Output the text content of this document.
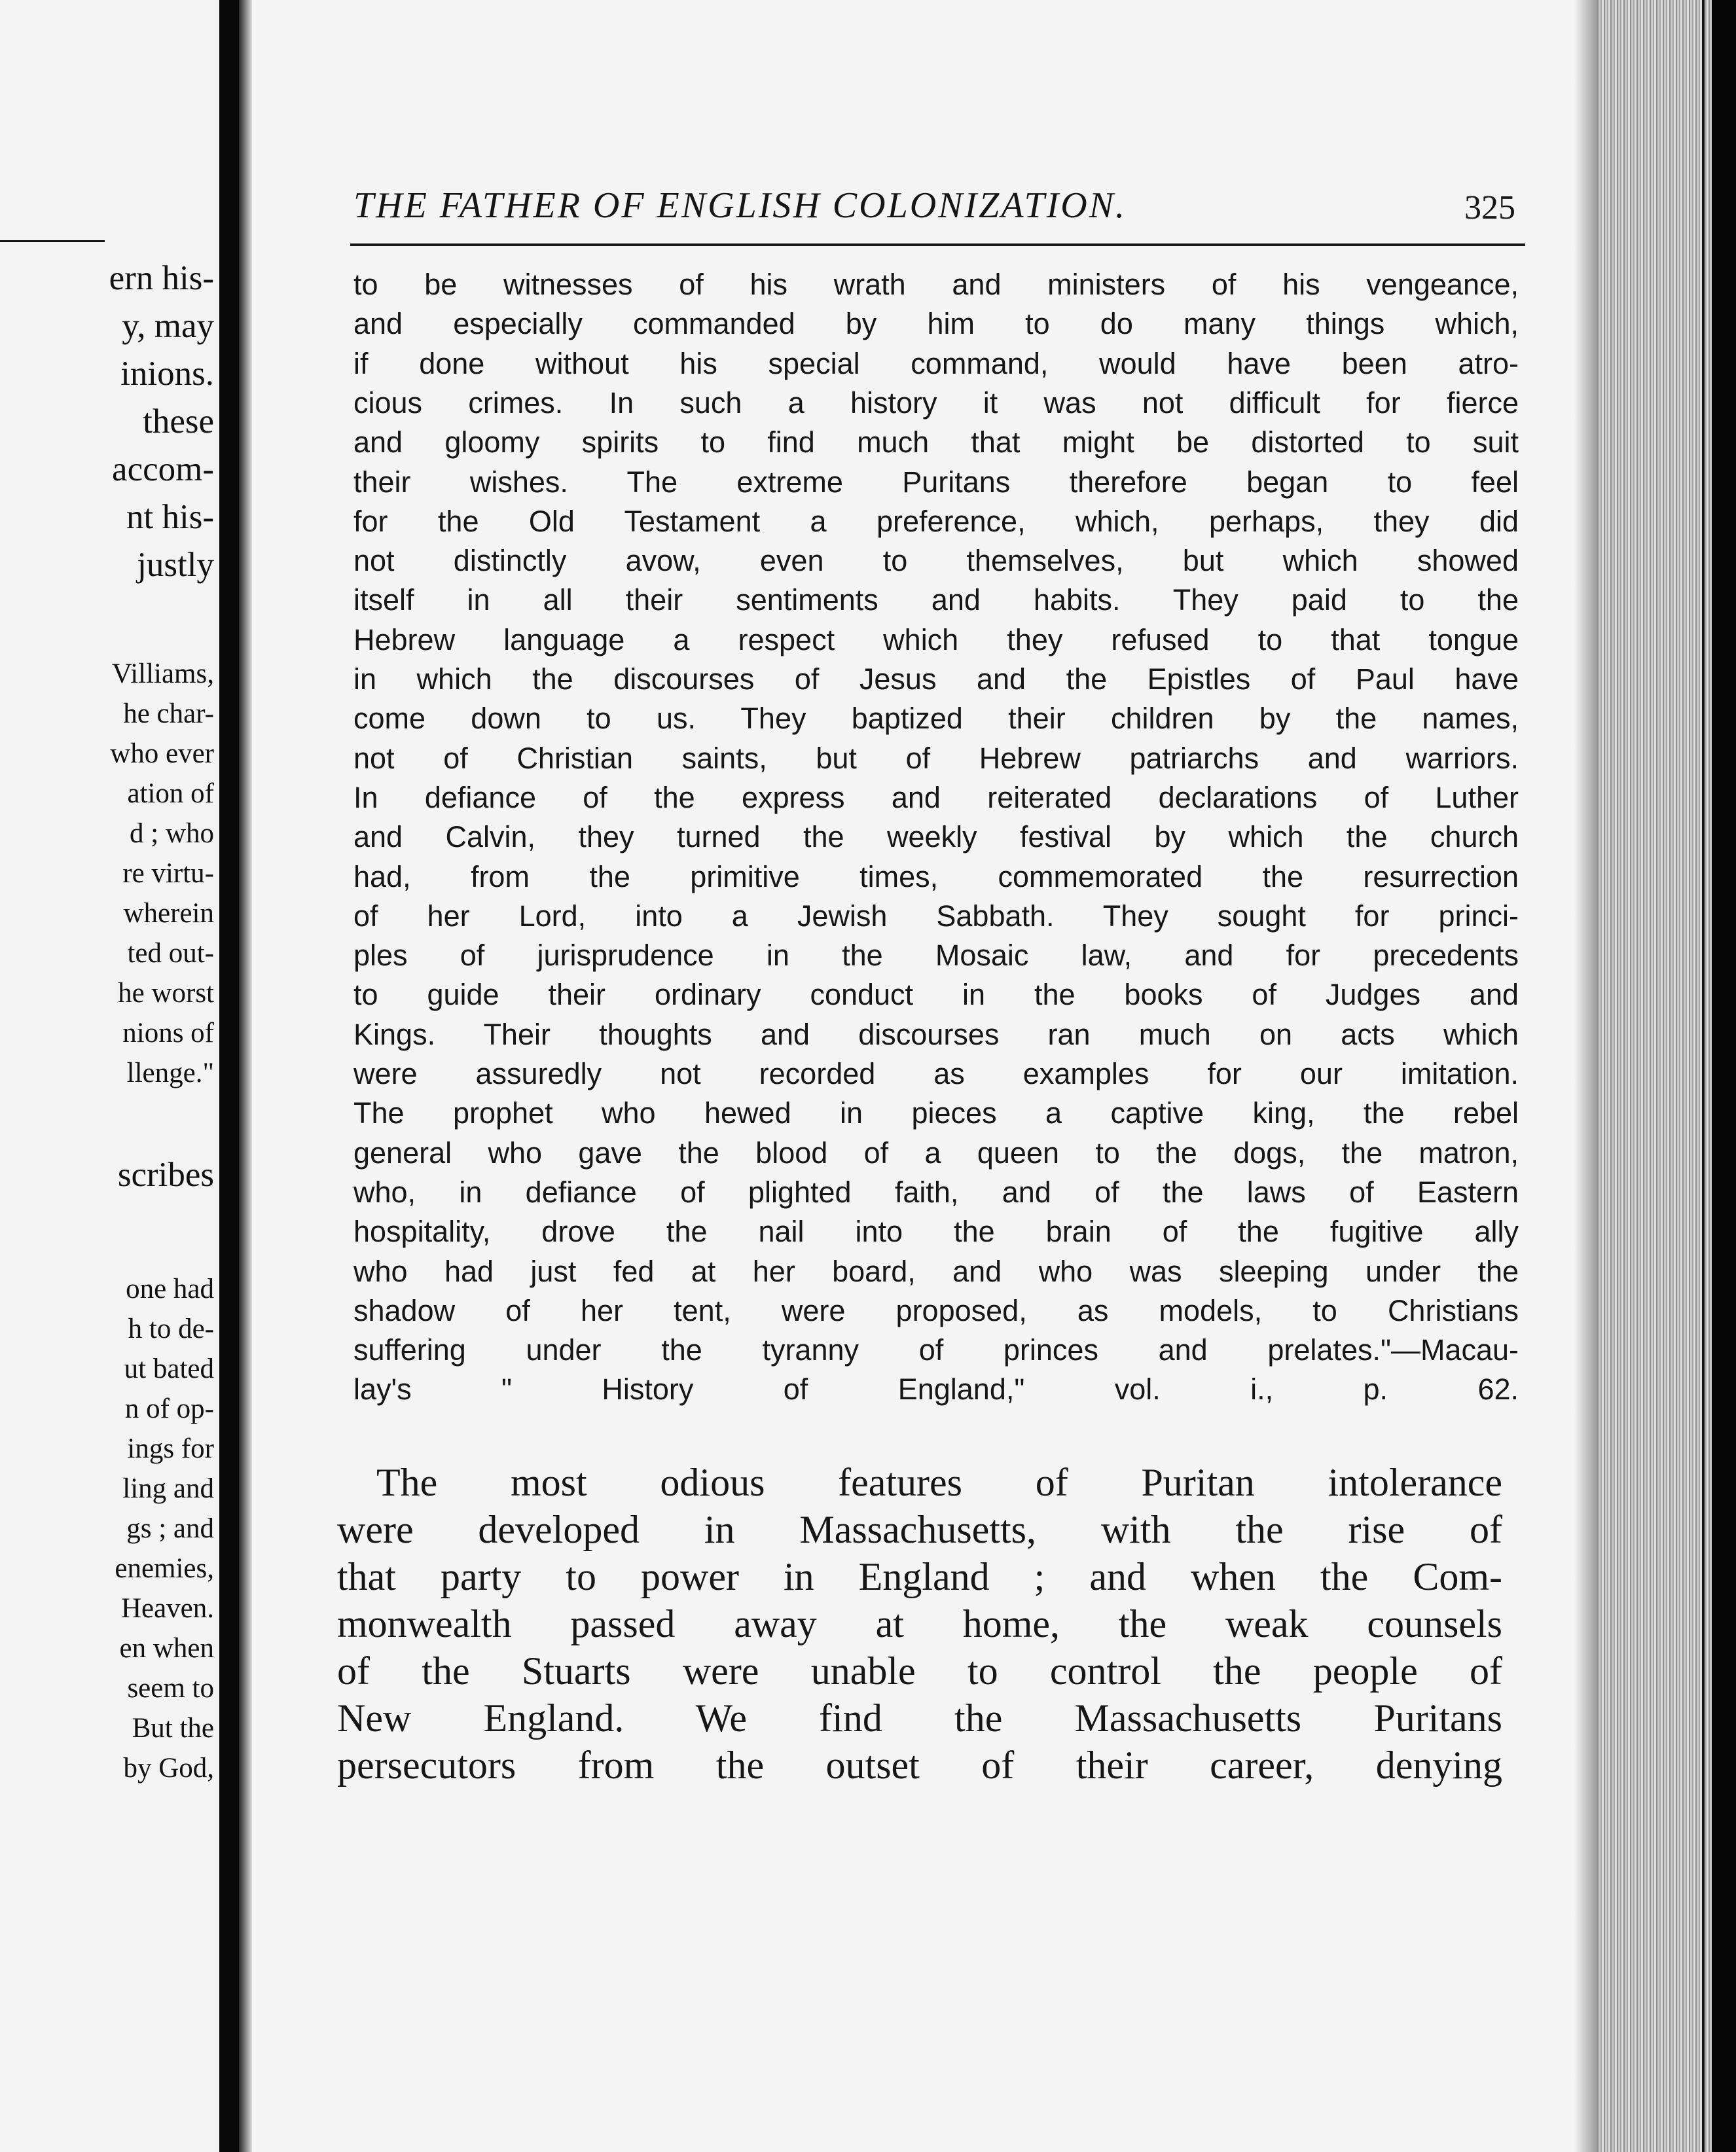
ern his-
y, may
inions.
these
accom-
nt his-
justly
Villiams,
he char-
who ever
ation of
d ; who
re virtu-
wherein
ted out-
he worst
nions of
llenge."
scribes
one had
h to de-
ut bated
n of op-
ings for
ling and
gs ; and
enemies,
Heaven.
en when
seem to
But the
by God,
THE FATHER OF ENGLISH COLONIZATION.	325
to be witnesses of his wrath and ministers of his vengeance,
and especially commanded by him to do many things which,
if done without his special command, would have been atro-
cious crimes. In such a history it was not difficult for fierce
and gloomy spirits to find much that might be distorted to suit
their wishes. The extreme Puritans therefore began to feel
for the Old Testament a preference, which, perhaps, they did
not distinctly avow, even to themselves, but which showed
itself in all their sentiments and habits. They paid to the
Hebrew language a respect which they refused to that tongue
in which the discourses of Jesus and the Epistles of Paul have
come down to us. They baptized their children by the names,
not of Christian saints, but of Hebrew patriarchs and warriors.
In defiance of the express and reiterated declarations of Luther
and Calvin, they turned the weekly festival by which the church
had, from the primitive times, commemorated the resurrection
of her Lord, into a Jewish Sabbath. They sought for princi-
ples of jurisprudence in the Mosaic law, and for precedents
to guide their ordinary conduct in the books of Judges and
Kings. Their thoughts and discourses ran much on acts which
were assuredly not recorded as examples for our imitation.
The prophet who hewed in pieces a captive king, the rebel
general who gave the blood of a queen to the dogs, the matron,
who, in defiance of plighted faith, and of the laws of Eastern
hospitality, drove the nail into the brain of the fugitive ally
who had just fed at her board, and who was sleeping under the
shadow of her tent, were proposed, as models, to Christians
suffering under the tyranny of princes and prelates."—Macau-
lay's " History of England," vol. i., p. 62.
The most odious features of Puritan intolerance
were developed in Massachusetts, with the rise of
that party to power in England ; and when the Com-
monwealth passed away at home, the weak counsels
of the Stuarts were unable to control the people of
New England. We find the Massachusetts Puritans
persecutors from the outset of their career, denying
